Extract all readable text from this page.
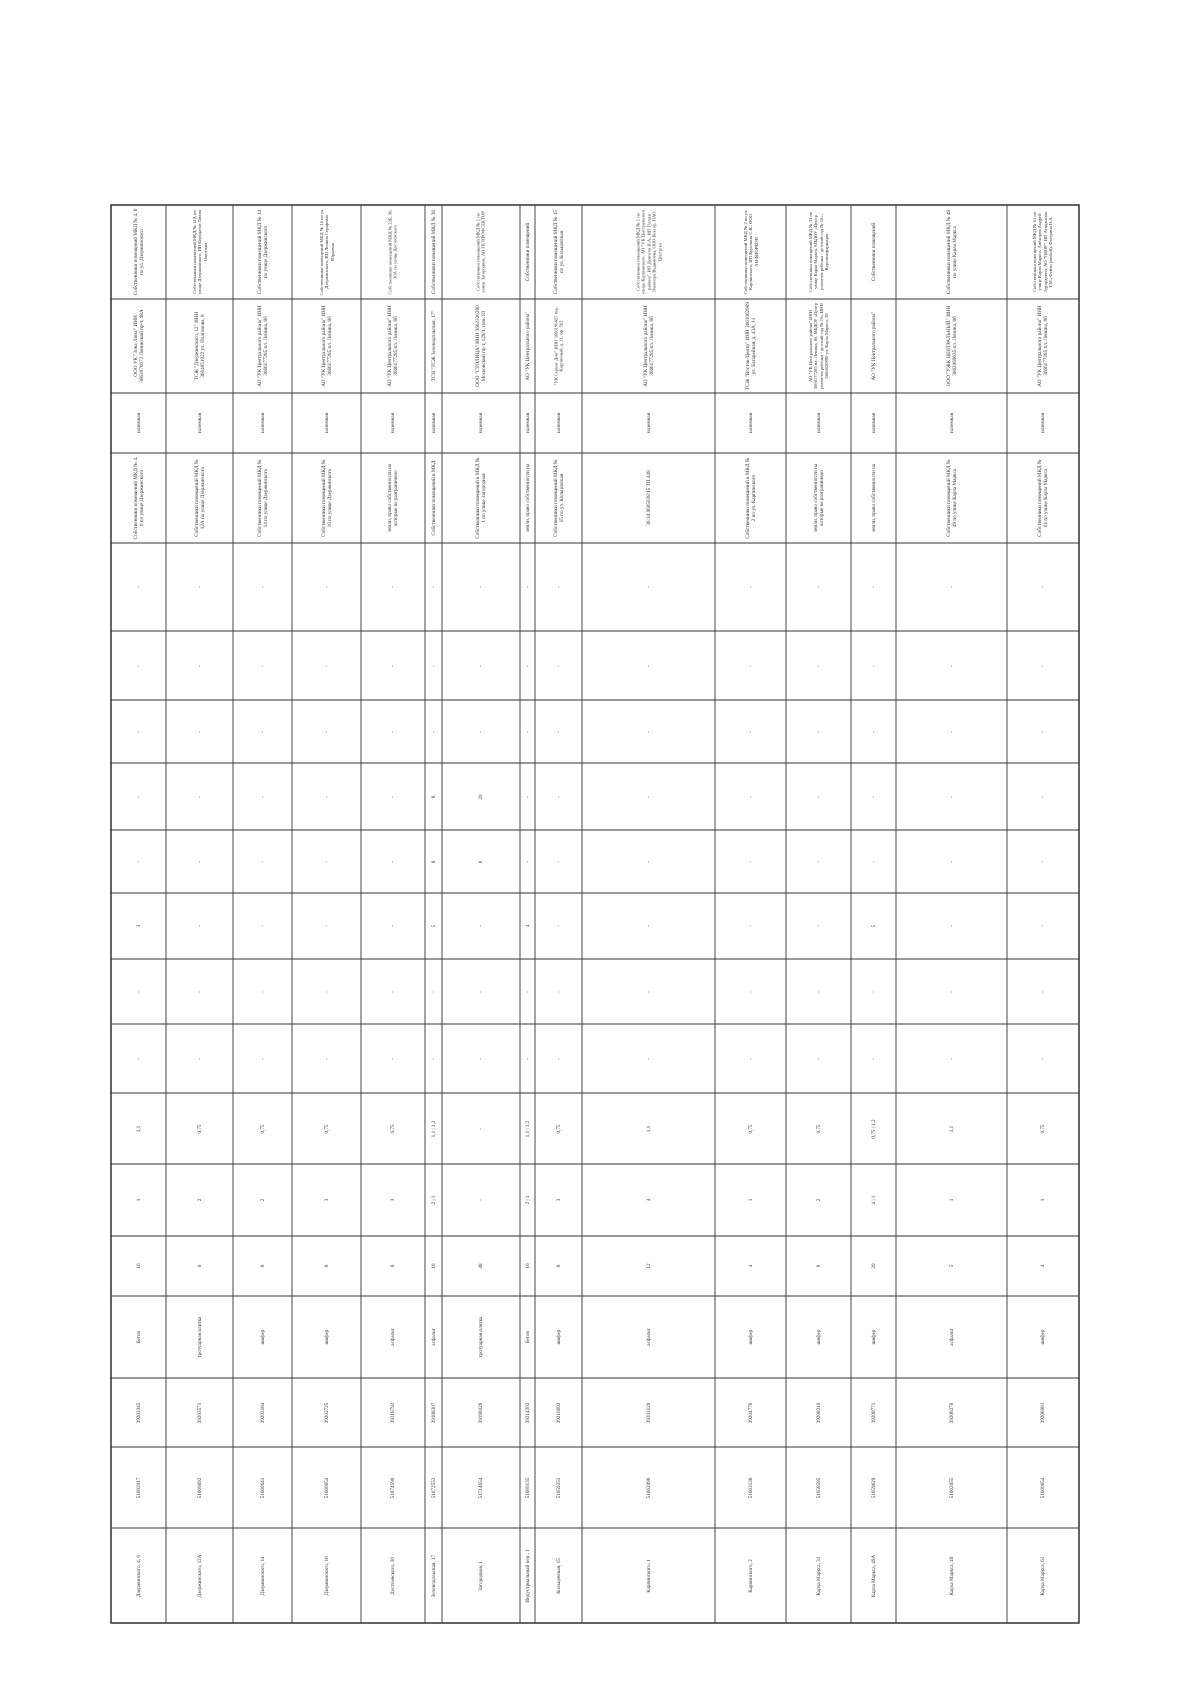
Дзержинского, 4, 6
51682017
39203345
бетон
16
1
1,1
-
-
3
-
-
-
-
-
Собственники помещений МКД № 4, 6 по улице Дзержинского
наземная
ООО УК "Зона Люкс" ИНН 3663076672 Ленинский пр-т, 98А
Собственники помещений МКД № 4, 6 по ул. Дзержинского
Дзержинского, 12А
51660692
39203571
тротуарная плитка
6
2
0,75
-
-
-
-
-
-
-
-
Собственники помещений МКД № 12А по улице Дзержинского
наземная
ТСЖ "Дзержинского, 12" ИНН 3664051022 ул. Платонова, 8
Собственники помещений МКД № 12А по улице Дзержинского, ИП Бородатов Лилия Олеговна
Дзержинского, 14
51660641
39203164
шифер
8
2
0,75
-
-
-
-
-
-
-
-
Собственники помещений МКД № 14 по улице Дзержинского
наземная
АО "УК Центрального района" ИНН 3666177285 пл. Ленина, 8б
Собственники помещений МКД № 14 по улице Дзержинского
Дзержинского, 16
51660654
39202725
шифер
8
3
0,75
-
-
-
-
-
-
-
-
Собственники помещений МКД № 16 по улице Дзержинского
наземная
АО "УК Центрального района" ИНН 3666177285 пл. Ленина, 8б
Собственники помещений МКД № 16 по ул. Дзержинского, ИП Ленина Серафима Юрьевна
Достоевского, 30
51674590
39218792
асфальт
6
3
0,75
-
-
-
-
-
-
-
-
земли, право собственности на которые не разграничено
наземная
АО "УК Центрального района" ИНН 3666177285 пл. Ленина, 8б
Собственники помещений МКД № 22Б, 30, 30А по улице Достоевского
Зеленодольская, 17
51672553
39188307
асфальт
18
2 | 1
1,1 | 1,2
-
-
5
8
8
-
-
-
Собственники помещений в МКД
наземная
ТСН "ТСЖ Зеленодольская, 17"
Собственники помещений МКД № 36
Загородная, 1
51714654
39190428
тротуарная плитка
48
-
-
-
-
-
8
20
-
-
-
Собственники помещений в МКД № 1 по улице Загородная
наземная
ООО "СТОЛИЦА" ИНН 3662226280 Московский пр-т, 129/1, пом. 83
Собственники помещений МКД № 1 по улице Загородная, АО ГК ПРОФСЕКТОР
Индустриальный пер., 1
51680135
39214302
бетон
16
2 | 1
1,1 | 1,2
-
-
4
-
-
-
-
-
земли, право собственности на
наземная
АО "УК Центрального района"
Собственники помещений
Кольцовская, 15
51659253
39216692
шифер
8
3
0,75
-
-
-
-
-
-
-
-
Собственники помещений МКД № 15 по ул. Кольцовская
наземная
"УК Сервис Дом" ИНН 3666196457 пер. Кирпичный, д. 11, оф. 502
Собственники помещений МКД № 15 по ул. Кольцовская
Карпинского, 1
51662096
39203120
асфальт
12
4
1,1
-
-
-
-
-
-
-
-
36:34:0605038:15 ТП 448
наземная
АО "УК Центрального района" ИНН 3666177285 пл. Ленина, 8б
Собственники помещений МКД № 1 по улице Карпинского, АО "УК Центрального района", ИП Денисов Н.А., ИП Тунаев Элеонора Вадимовна, ООО Вектор, ПАО Центртел
Карпинского, 2
51663136
39204776
шифер
4
1
0,75
-
-
-
-
-
-
-
-
Собственники помещений в МКД № 2 по ул. Карпинского
наземная
ТСЖ "Восток-Центр" ИНН 3661062909 ул. Батарейная, д. 43А, 11
Собственники помещений МКД № 2 по ул. Карпинского, ИП Курочкин С.В., ООО АМФИОРКОН
Карла Маркса, 31
51658595
39208210
шифер
8
2
0,75
-
-
-
-
-
-
-
-
земли, право собственности на которые не разграничено
наземная
АО "УК Центрального района" ИНН 3666177285 пл. Ленина, 8б, МБДОУ «Центр развития ребенка - детский сад № 16» ИНН 3666020990 ул. Карла Маркса, 39
Собственники помещений МКД № 31 по улице Карла Маркса, МБДОУ «Центр развития ребенка - детский сад № 16», Воронежфармация
Карла Маркса, 49А
51659629
39209771
шифер
20
4 | 1
0,75 | 1,2
-
-
5
-
-
-
-
-
земли, право собственности на
наземная
АО "УК Центрального района"
Собственники помещений
Карла Маркса, 49
51662055
39208278
асфальт
5
1
1,1
-
-
-
-
-
-
-
-
Собственники помещений МКД № 49 по улице Карла Маркса
наземная
ООО "УЖК ЦЕНТРАЛЬНЫЙ" ИНН 3662069635 пл. Ленина, 8б
Собственники помещений МКД № 49 по улице Карла Маркса
Карла Маркса, 61
51660654
39208081
шифер
4
1
0,75
-
-
-
-
-
-
-
-
Собственники помещений МКД № 61 по улице Карла Маркса
наземная
АО "УК Центрального района" ИНН 3666177285 пл. Ленина, 8б
Собственники помещений МКД № 61 по улице Карла Маркса, Алёхоров Андрей Эдуардович, АО "ОДОР", ИП Агаджанян Т.М., Фейзи (любой), Фатерина Н.А.
